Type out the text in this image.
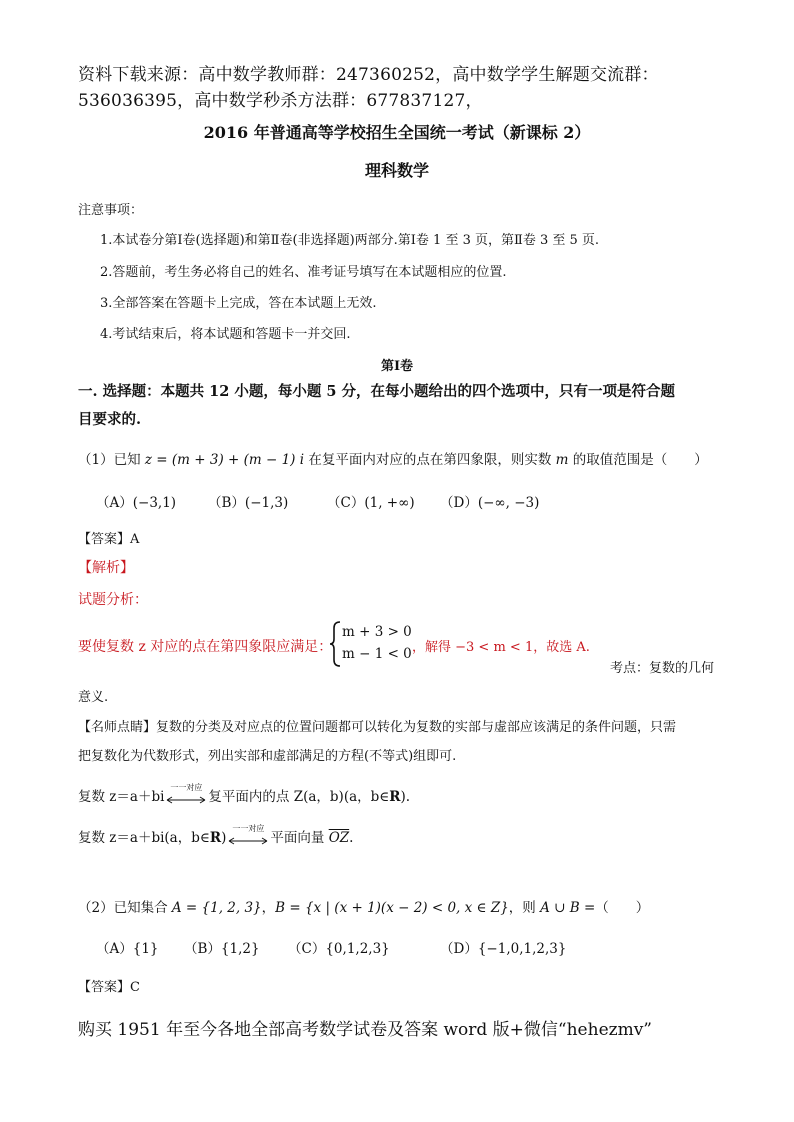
资料下载来源：高中数学教师群：247360252，高中数学学生解题交流群：
536036395，高中数学秒杀方法群：677837127，
2016 年普通高等学校招生全国统一考试（新课标 2）
理科数学
注意事项：
1.本试卷分第Ⅰ卷(选择题)和第Ⅱ卷(非选择题)两部分.第Ⅰ卷 1 至 3 页，第Ⅱ卷 3 至 5 页.
2.答题前，考生务必将自己的姓名、准考证号填写在本试题相应的位置.
3.全部答案在答题卡上完成，答在本试题上无效.
4.考试结束后，将本试题和答题卡一并交回.
第Ⅰ卷
一. 选择题：本题共 12 小题，每小题 5 分，在每小题给出的四个选项中，只有一项是符合题
目要求的.
（1）已知 z = (m + 3) + (m − 1) i 在复平面内对应的点在第四象限，则实数 m 的取值范围是（　　）
（A）(−3,1) （B）(−1,3)	（C）(1, +∞) （D）(−∞, −3)
【答案】A
【解析】
试题分析：
要使复数 z 对应的点在第四象限应满足：
m + 3 > 0
m − 1 < 0 ，解得 −3 < m < 1，故选 A.
考点：复数的几何
意义.
【名师点睛】复数的分类及对应点的位置问题都可以转化为复数的实部与虚部应该满足的条件问题，只需
把复数化为代数形式，列出实部和虚部满足的方程(不等式)组即可.
复数 z＝a＋bi
一一对应
复平面内的点 Z(a，b)(a，b∈R).
复数 z＝a＋bi(a，b∈R)
一一对应
平面向量 $\overline{OZ}$.
（2）已知集合 A = {1, 2, 3}，B = {x | (x + 1)(x − 2) < 0, x ∈ Z}，则 A ∪ B =（　　）
（A）{1} （B）{1,2} （C）{0,1,2,3}	（D）{−1,0,1,2,3}
【答案】C
购买 1951 年至今各地全部高考数学试卷及答案 word 版+微信“hehezmv”
